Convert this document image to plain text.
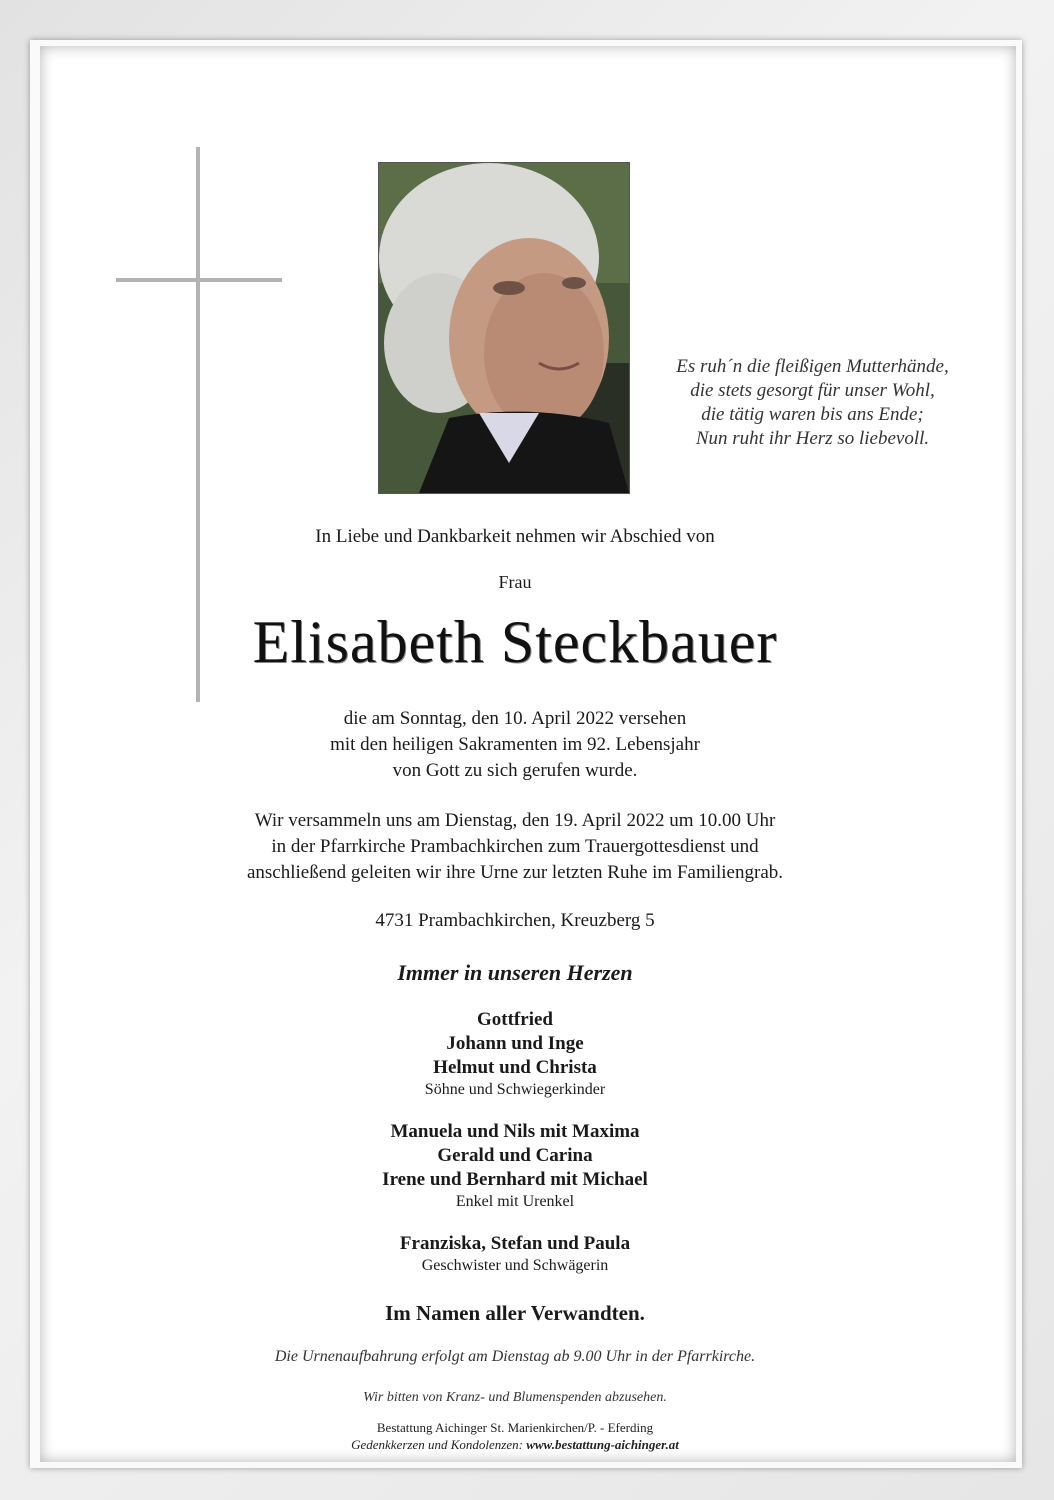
Es ruh´n die fleißigen Mutterhände,
die stets gesorgt für unser Wohl,
die tätig waren bis ans Ende;
Nun ruht ihr Herz so liebevoll.
In Liebe und Dankbarkeit nehmen wir Abschied von
Frau
Elisabeth Steckbauer
die am Sonntag, den 10. April 2022 versehen
mit den heiligen Sakramenten im 92. Lebensjahr
von Gott zu sich gerufen wurde.
Wir versammeln uns am Dienstag, den 19. April 2022 um 10.00 Uhr
in der Pfarrkirche Prambachkirchen zum Trauergottesdienst und
anschließend geleiten wir ihre Urne zur letzten Ruhe im Familiengrab.
4731 Prambachkirchen, Kreuzberg 5
Immer in unseren Herzen
Gottfried
Johann und Inge
Helmut und Christa
Söhne und Schwiegerkinder
Manuela und Nils mit Maxima
Gerald und Carina
Irene und Bernhard mit Michael
Enkel mit Urenkel
Franziska, Stefan und Paula
Geschwister und Schwägerin
Im Namen aller Verwandten.
Die Urnenaufbahrung erfolgt am Dienstag ab 9.00 Uhr in der Pfarrkirche.
Wir bitten von Kranz- und Blumenspenden abzusehen.
Bestattung Aichinger St. Marienkirchen/P. - Eferding
Gedenkkerzen und Kondolenzen: www.bestattung-aichinger.at
